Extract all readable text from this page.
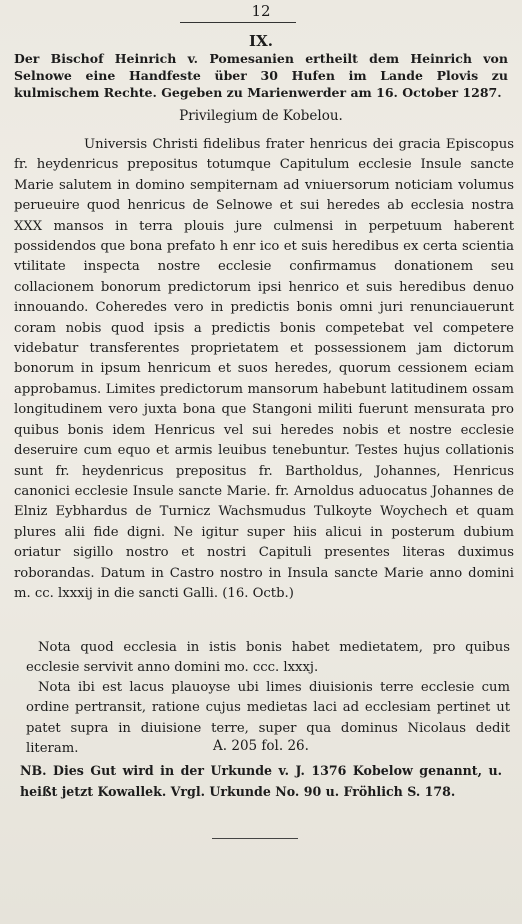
12
IX.
Der Bischof Heinrich v. Pomesanien ertheilt dem Heinrich von Selnowe eine Handfeste über 30 Hufen im Lande Plovis zu kulmischem Rechte. Gegeben zu Marienwerder am 16. October 1287.
Privilegium de Kobelou.
Universis Christi fidelibus frater henricus dei gracia Episcopus fr. heydenricus prepositus totumque Capitulum ecclesie Insule sancte Marie salutem in domino sempiternam ad vniuersorum noticiam volumus perueuire quod henricus de Selnowe et sui heredes ab ecclesia nostra XXX mansos in terra plouis jure culmensi in perpetuum haberent possidendos que bona prefato h enr ico et suis heredibus ex certa scientia vtilitate inspecta nostre ecclesie confirmamus donationem seu collacionem bonorum predictorum ipsi henrico et suis heredibus denuo innouando. Coheredes vero in predictis bonis omni juri renunciauerunt coram nobis quod ipsis a predictis bonis competebat vel competere videbatur transferentes proprietatem et possessionem jam dictorum bonorum in ipsum henricum et suos heredes, quorum cessionem eciam approbamus. Limites predictorum mansorum habebunt latitudinem ossam longitudinem vero juxta bona que Stangoni militi fuerunt mensurata pro quibus bonis idem Henricus vel sui heredes nobis et nostre ecclesie deseruire cum equo et armis leuibus tenebuntur. Testes hujus collationis sunt fr. heydenricus prepositus fr. Bartholdus, Johannes, Henricus canonici ecclesie Insule sancte Marie. fr. Arnoldus aduocatus Johannes de Elniz Eybhardus de Turnicz Wachsmudus Tulkoyte Woychech et quam plures alii fide digni. Ne igitur super hiis alicui in posterum dubium oriatur sigillo nostro et nostri Capituli presentes literas duximus roborandas. Datum in Castro nostro in Insula sancte Marie anno domini m. cc. lxxxij in die sancti Galli. (16. Octb.)
Nota quod ecclesia in istis bonis habet medietatem, pro quibus ecclesie servivit anno domini mo. ccc. lxxxj.
Nota ibi est lacus plauoyse ubi limes diuisionis terre ecclesie cum ordine pertransit, ratione cujus medietas laci ad ecclesiam pertinet ut patet supra in diuisione terre, super qua dominus Nicolaus dedit literam.	A. 205 fol. 26.
NB. Dies Gut wird in der Urkunde v. J. 1376 Kobelow genannt, u. heißt jetzt Kowallek. Vrgl. Urkunde No. 90 u. Fröhlich S. 178.
